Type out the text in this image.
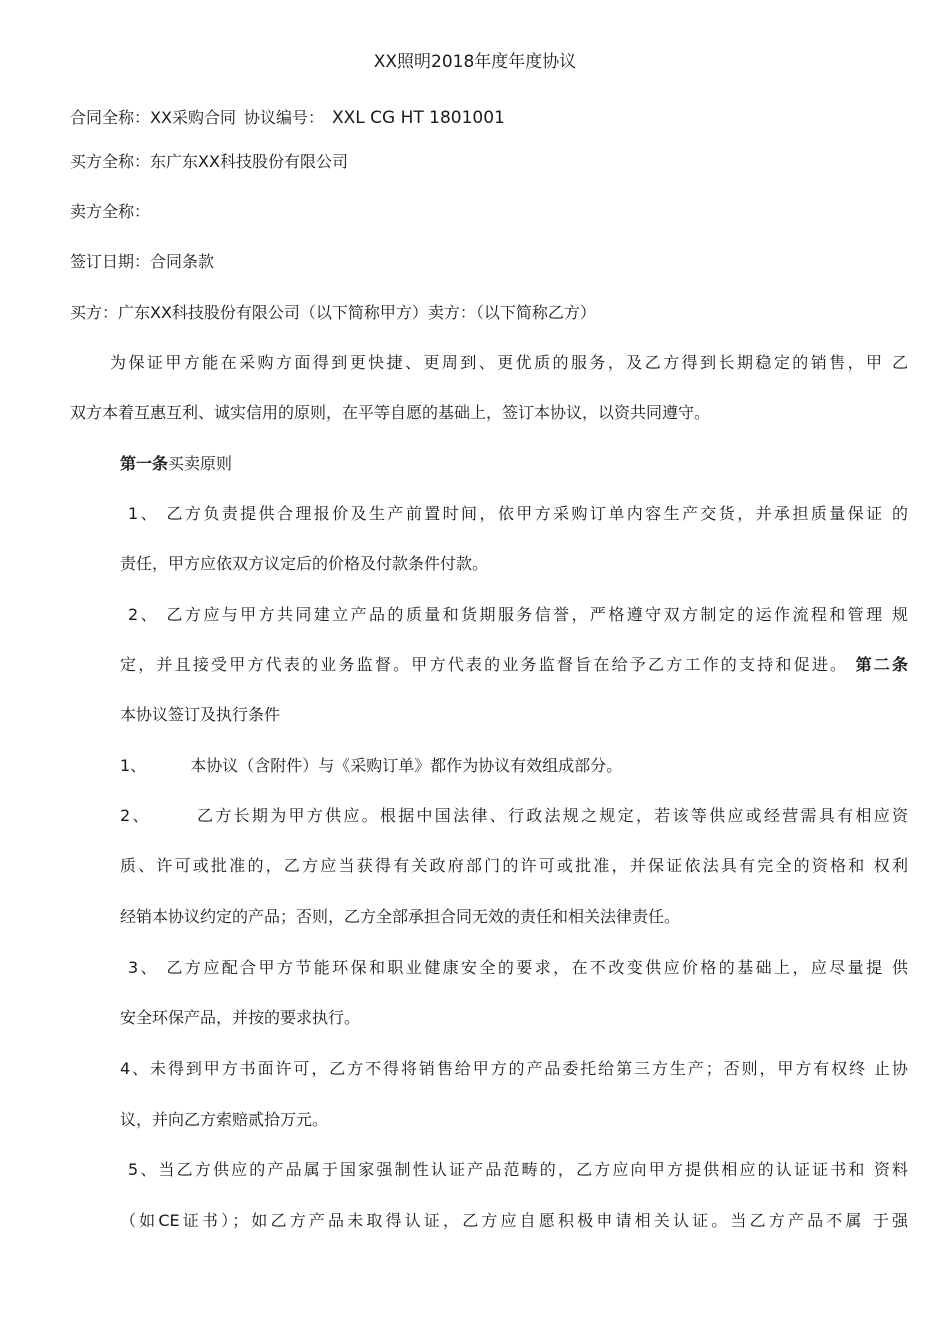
XX照明2018年度年度协议
合同全称：XX采购合同 协议编号： XXL CG HT 1801001
买方全称：东广东XX科技股份有限公司
卖方全称：
签订日期：合同条款
买方：广东XX科技股份有限公司（以下简称甲方）卖方：（以下简称乙方）
为保证甲方能在采购方面得到更快捷、更周到、更优质的服务，及乙方得到长期稳定的销售，甲 乙
双方本着互惠互利、诚实信用的原则，在平等自愿的基础上，签订本协议，以资共同遵守。
第一条买卖原则
1、 乙方负责提供合理报价及生产前置时间，依甲方采购订单内容生产交货，并承担质量保证 的
责任，甲方应依双方议定后的价格及付款条件付款。
2、 乙方应与甲方共同建立产品的质量和货期服务信誉，严格遵守双方制定的运作流程和管理 规
定，并且接受甲方代表的业务监督。甲方代表的业务监督旨在给予乙方工作的支持和促进。 第二条
本协议签订及执行条件
1、	本协议（含附件）与《采购订单》都作为协议有效组成部分。
2、	乙方长期为甲方供应。根据中国法律、行政法规之规定，若该等供应或经营需具有相应资
质、许可或批准的，乙方应当获得有关政府部门的许可或批准，并保证依法具有完全的资格和 权利
经销本协议约定的产品；否则，乙方全部承担合同无效的责任和相关法律责任。
3、 乙方应配合甲方节能环保和职业健康安全的要求，在不改变供应价格的基础上，应尽量提 供
安全环保产品，并按的要求执行。
4、未得到甲方书面许可，乙方不得将销售给甲方的产品委托给第三方生产；否则，甲方有权终 止协
议，并向乙方索赔贰拾万元。
5、当乙方供应的产品属于国家强制性认证产品范畴的，乙方应向甲方提供相应的认证证书和 资料
（如CE证书）；如乙方产品未取得认证，乙方应自愿积极申请相关认证。当乙方产品不属 于强
